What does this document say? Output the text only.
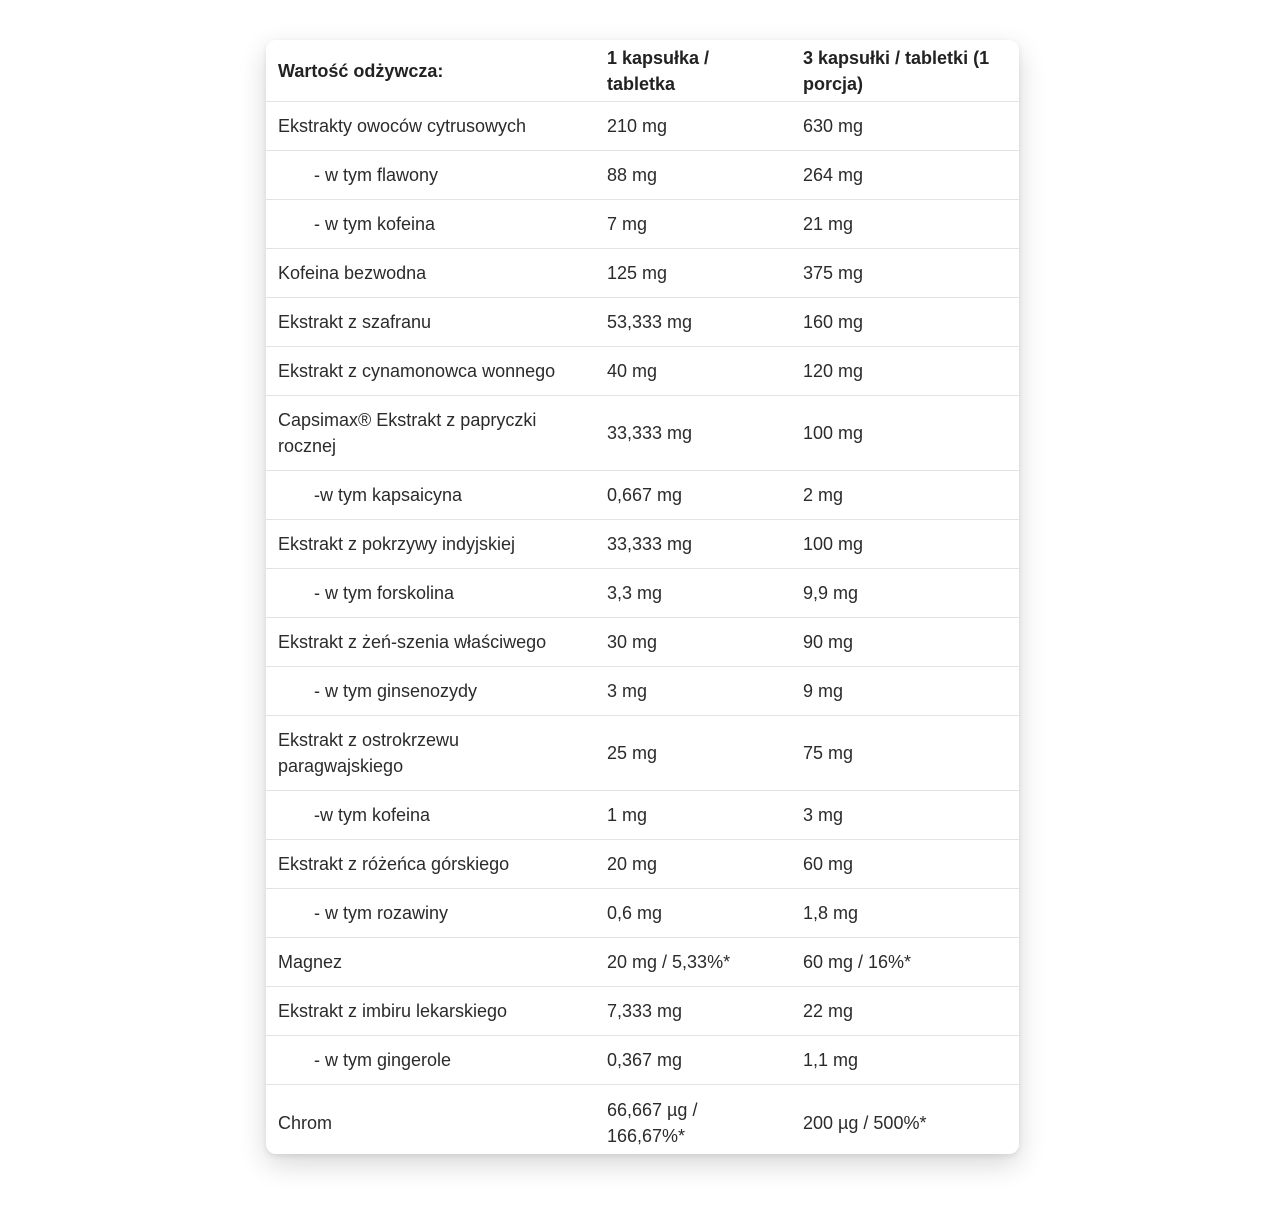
Wartość odżywcza:	1 kapsułka / tabletka	3 kapsułki / tabletki (1 porcja)
Ekstrakty owoców cytrusowych	210 mg	630 mg
- w tym flawony	88 mg	264 mg
- w tym kofeina	7 mg	21 mg
Kofeina bezwodna	125 mg	375 mg
Ekstrakt z szafranu	53,333 mg	160 mg
Ekstrakt z cynamonowca wonnego	40 mg	120 mg
Capsimax® Ekstrakt z papryczki rocznej	33,333 mg	100 mg
-w tym kapsaicyna	0,667 mg	2 mg
Ekstrakt z pokrzywy indyjskiej	33,333 mg	100 mg
- w tym forskolina	3,3 mg	9,9 mg
Ekstrakt z żeń-szenia właściwego	30 mg	90 mg
- w tym ginsenozydy	3 mg	9 mg
Ekstrakt z ostrokrzewu paragwajskiego	25 mg	75 mg
-w tym kofeina	1 mg	3 mg
Ekstrakt z różeńca górskiego	20 mg	60 mg
- w tym rozawiny	0,6 mg	1,8 mg
Magnez	20 mg / 5,33%*	60 mg / 16%*
Ekstrakt z imbiru lekarskiego	7,333 mg	22 mg
- w tym gingerole	0,367 mg	1,1 mg
Chrom	66,667 µg / 166,67%*	200 µg / 500%*
